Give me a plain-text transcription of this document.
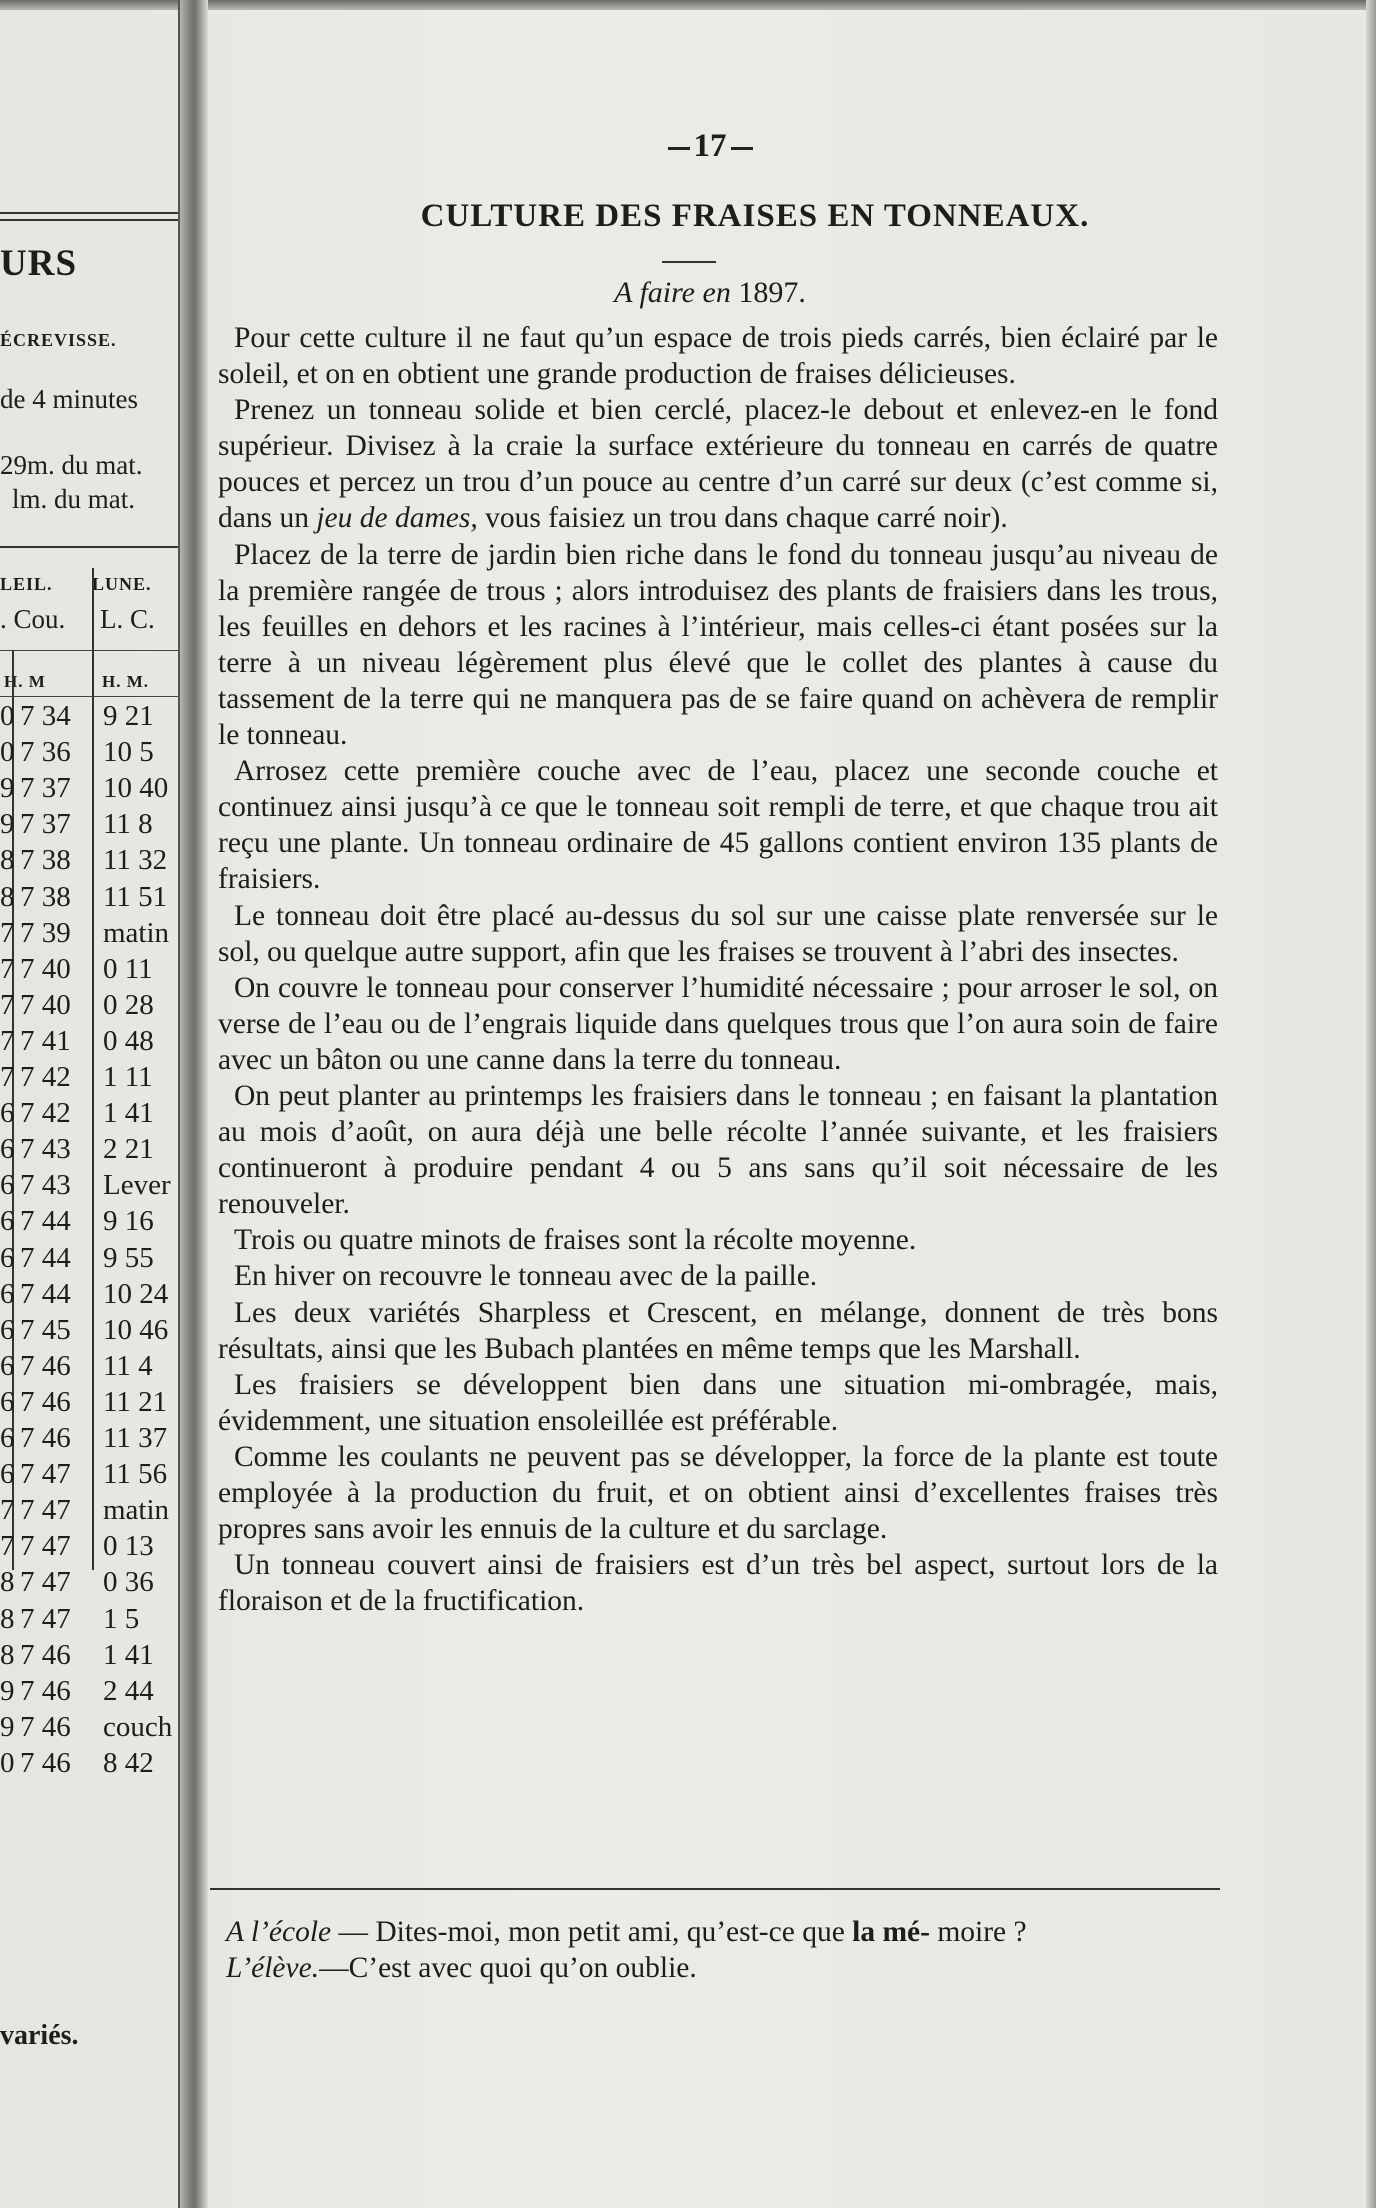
URS
ÉCREVISSE.
de 4 minutes
29m. du mat.
lm. du mat.
LEIL. LUNE.
. Cou. L. C.
H. M	H. M.
0 7 34 9 21
0 7 36 10 5
9 7 37 10 40
9 7 37 11 8
8 7 38 11 32
8 7 38 11 51
7 7 39 matin
7 7 40 0 11
7 7 40 0 28
7 7 41 0 48
7 7 42 1 11
6 7 42 1 41
6 7 43 2 21
6 7 43 Lever
6 7 44 9 16
6 7 44 9 55
6 7 44 10 24
6 7 45 10 46
6 7 46 11 4
6 7 46 11 21
6 7 46 11 37
6 7 47 11 56
7 7 47 matin
7 7 47 0 13
8 7 47 0 36
8 7 47 1 5
8 7 46 1 41
9 7 46 2 44
9 7 46 couch
0 7 46 8 42
variés.
17
CULTURE DES FRAISES EN TONNEAUX.
A faire en 1897.

Pour cette culture il ne faut qu’un espace de trois pieds carrés, bien éclairé par le soleil, et on en obtient une grande production de fraises délicieuses.

Prenez un tonneau solide et bien cerclé, placez-le debout et enlevez-en le fond supérieur. Divisez à la craie la surface extérieure du tonneau en carrés de quatre pouces et percez un trou d’un pouce au centre d’un carré sur deux (c’est comme si, dans un jeu de dames, vous faisiez un trou dans chaque carré noir).

Placez de la terre de jardin bien riche dans le fond du tonneau jusqu’au niveau de la première rangée de trous ; alors introduisez des plants de fraisiers dans les trous, les feuilles en dehors et les racines à l’intérieur, mais celles-ci étant posées sur la terre à un niveau légèrement plus élevé que le collet des plantes à cause du tassement de la terre qui ne manquera pas de se faire quand on achèvera de remplir le tonneau.

Arrosez cette première couche avec de l’eau, placez une seconde couche et continuez ainsi jusqu’à ce que le tonneau soit rempli de terre, et que chaque trou ait reçu une plante. Un tonneau ordinaire de 45 gallons contient environ 135 plants de fraisiers.

Le tonneau doit être placé au-dessus du sol sur une caisse plate renversée sur le sol, ou quelque autre support, afin que les fraises se trouvent à l’abri des insectes.

On couvre le tonneau pour conserver l’humidité nécessaire ; pour arroser le sol, on verse de l’eau ou de l’engrais liquide dans quelques trous que l’on aura soin de faire avec un bâton ou une canne dans la terre du tonneau.

On peut planter au printemps les fraisiers dans le tonneau ; en faisant la plantation au mois d’août, on aura déjà une belle récolte l’année suivante, et les fraisiers continueront à produire pendant 4 ou 5 ans sans qu’il soit nécessaire de les renouveler.

Trois ou quatre minots de fraises sont la récolte moyenne.

En hiver on recouvre le tonneau avec de la paille.

Les deux variétés Sharpless et Crescent, en mélange, donnent de très bons résultats, ainsi que les Bubach plantées en même temps que les Marshall.

Les fraisiers se développent bien dans une situation mi-ombragée, mais, évidemment, une situation ensoleillée est préférable.

Comme les coulants ne peuvent pas se développer, la force de la plante est toute employée à la production du fruit, et on obtient ainsi d’excellentes fraises très propres sans avoir les ennuis de la culture et du sarclage.

Un tonneau couvert ainsi de fraisiers est d’un très bel aspect, surtout lors de la floraison et de la fructification.

A l’école — Dites-moi, mon petit ami, qu’est-ce que la mé- moire ?

L’élève.—C’est avec quoi qu’on oublie.
